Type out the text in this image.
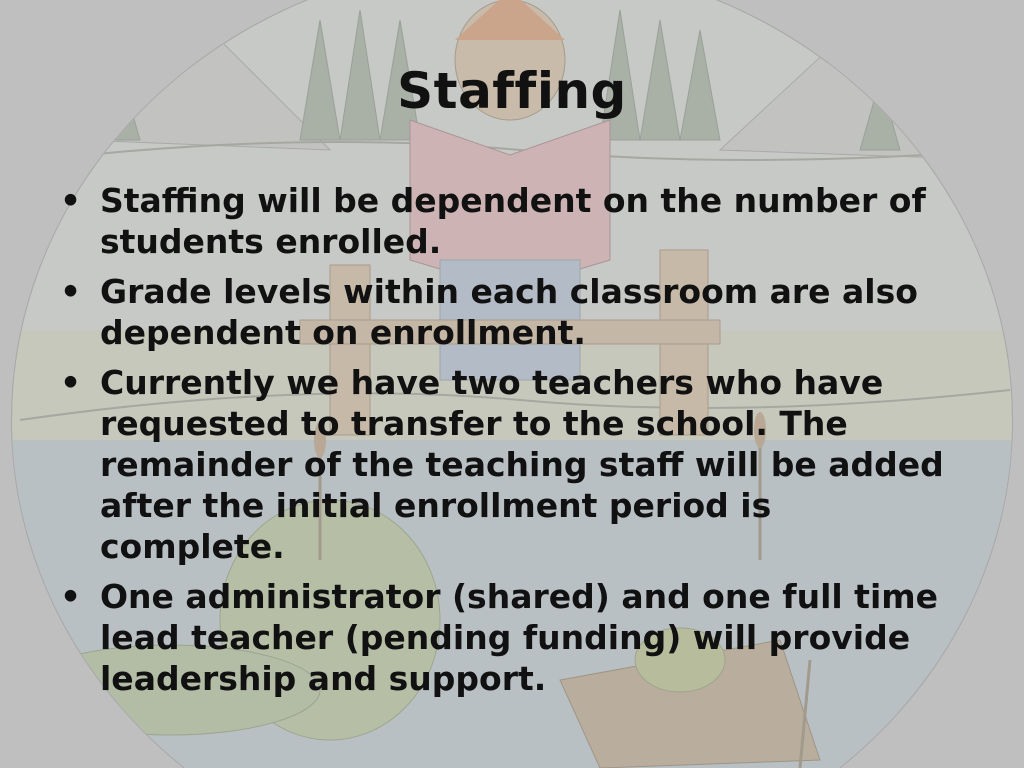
Staffing
• Staffing will be dependent on the number of students enrolled.
• Grade levels within each classroom are also dependent on enrollment.
• Currently we have two teachers who have requested to transfer to the school. The remainder of the teaching staff will be added after the initial enrollment period is complete.
• One administrator (shared) and one full time lead teacher (pending funding) will provide leadership and support.
